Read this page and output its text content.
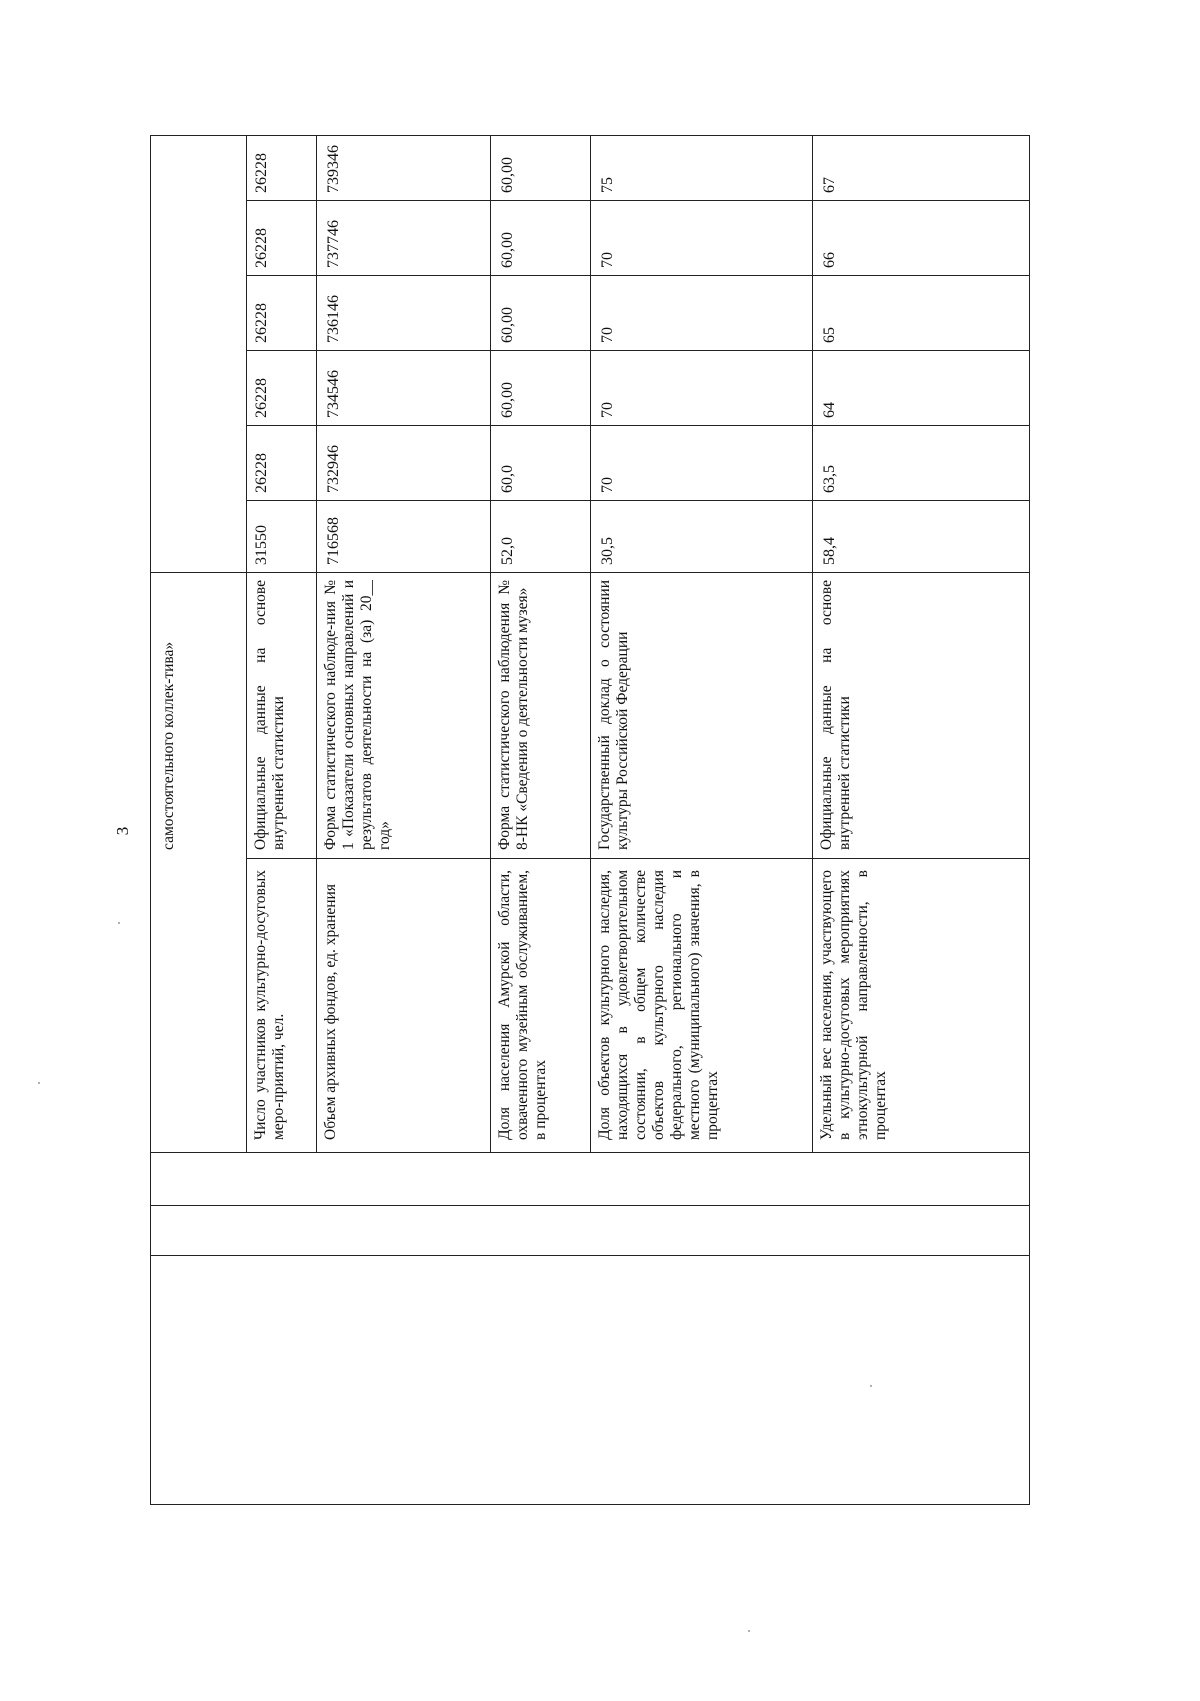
3 самостоятельного коллек-тива»
Число участников культурно-досуговых меро-приятий, чел.
Официальные данные на основе внутренней статистики
31550
26228
26228
26228
26228
26228
Объем архивных фондов, ед. хранения
Форма статистического наблюде-ния № 1 «Показатели основных направлений и результатов деятельности на (за) 20__ год»
716568
732946
734546
736146
737746
739346
Доля населения Амурской области, охваченного музейным обслуживанием, в процентах
Форма статистического наблюдения № 8-НК «Сведения о деятельности музея»
52,0
60,0
60,00
60,00
60,00
60,00
Доля объектов культурного наследия, находящихся в удовлетворительном состоянии, в общем количестве объектов культурного наследия федерального, регионального и местного (муниципального) значения, в процентах
Государственный доклад о состоянии культуры Российской Федерации
30,5
70
70
70
70
75
Удельный вес населения, участвующего в культурно-досуговых мероприятиях этнокультурной направленности, в процентах
Официальные данные на основе внутренней статистики
58,4
63,5
64
65
66
67
